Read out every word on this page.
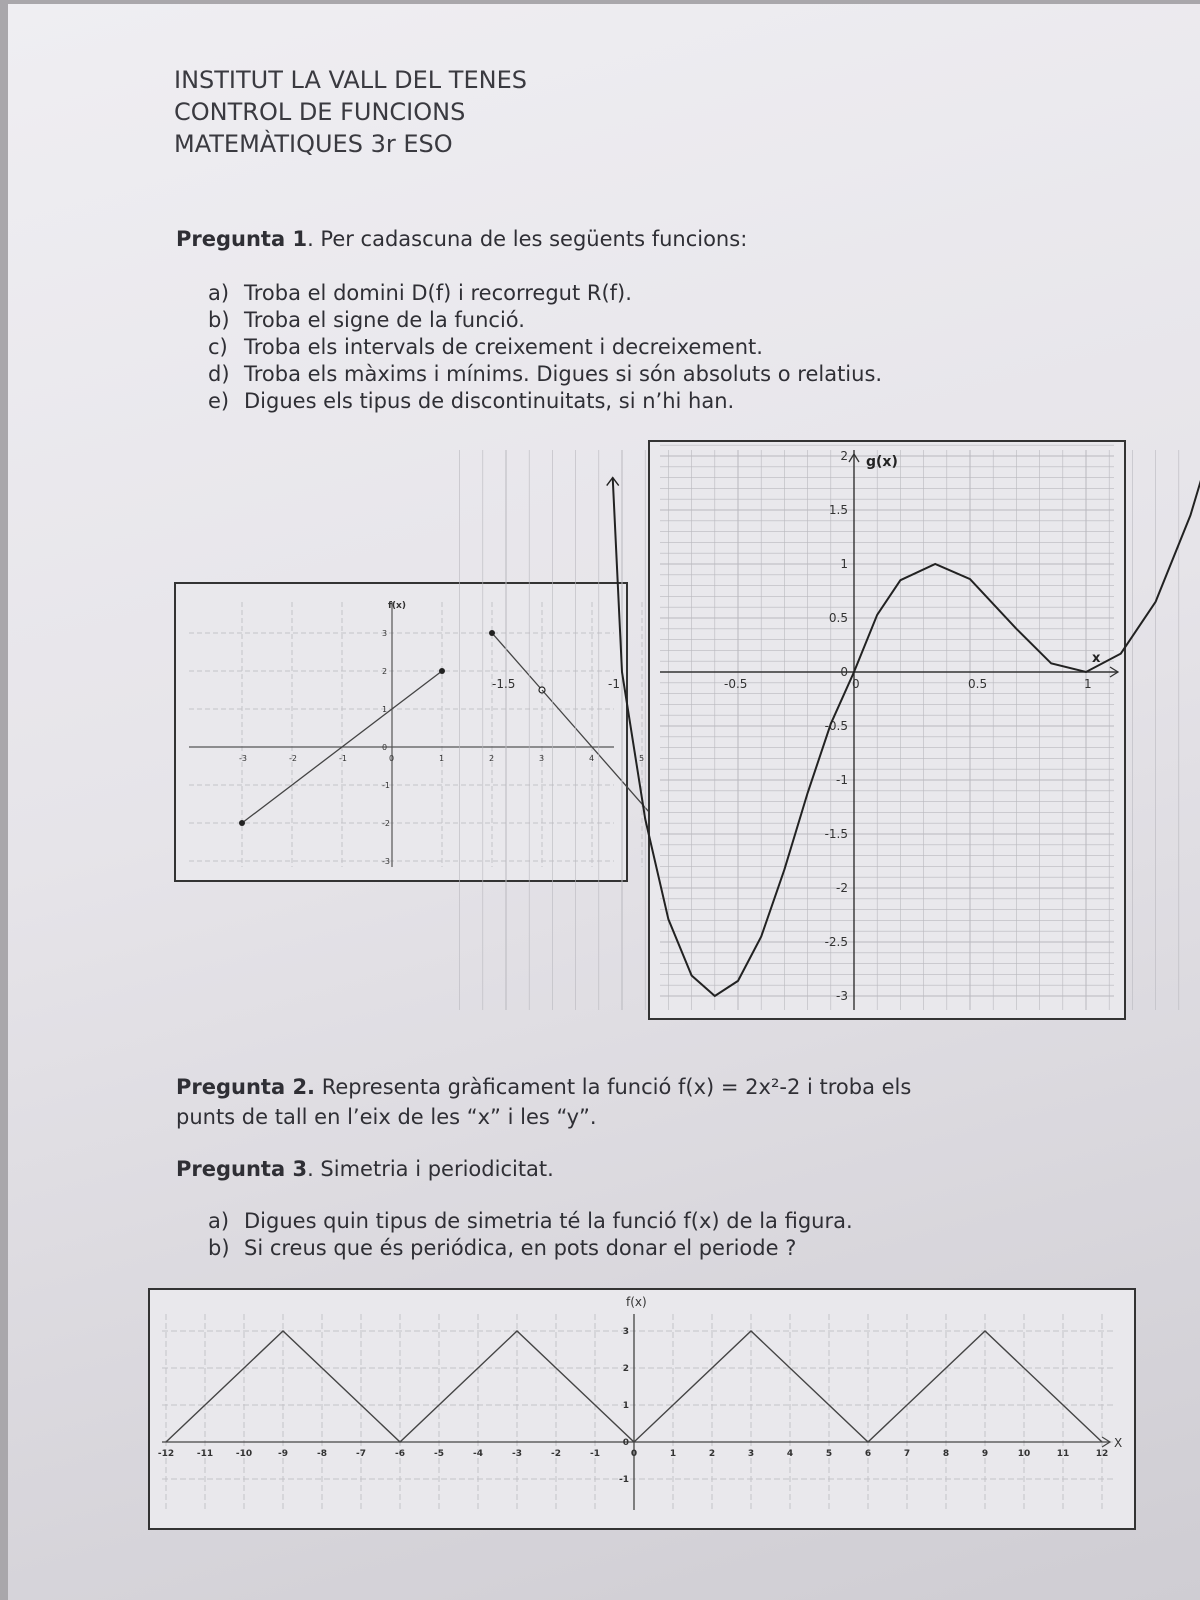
INSTITUT LA VALL DEL TENES
CONTROL DE FUNCIONS
MATEMÀTIQUES 3r ESO
Pregunta 1. Per cadascuna de les següents funcions:
a) Troba el domini D(f) i recorregut R(f).
b) Troba el signe de la funció.
c) Troba els intervals de creixement i decreixement.
d) Troba els màxims i mínims. Digues si són absoluts o relatius.
e) Digues els tipus de discontinuitats, si n’hi han.
-3	-2	-1	0	1	2	3	4	5
-3
-2
-1
0
1
2
3
f(x)
-1.5	-1	-0.5	0	0.5	1
-3
-2.5
-2
-1.5
-1
-0.5
0
0.5
1
1.5
2 g(x)
x
Pregunta 2. Representa gràficament la funció f(x) = 2x²-2 i troba els
punts de tall en l’eix de les “x” i les “y”.
Pregunta 3. Simetria i periodicitat.
a) Digues quin tipus de simetria té la funció f(x) de la figura.
b) Si creus que és periódica, en pots donar el periode ?
-12	-11	-10	-9	-8	-7	-6	-5	-4	-3	-2	-1	0	1	2	3	4	5	6	7	8	9	10	11	12
-1
0
1
2
3
X
f(x)
